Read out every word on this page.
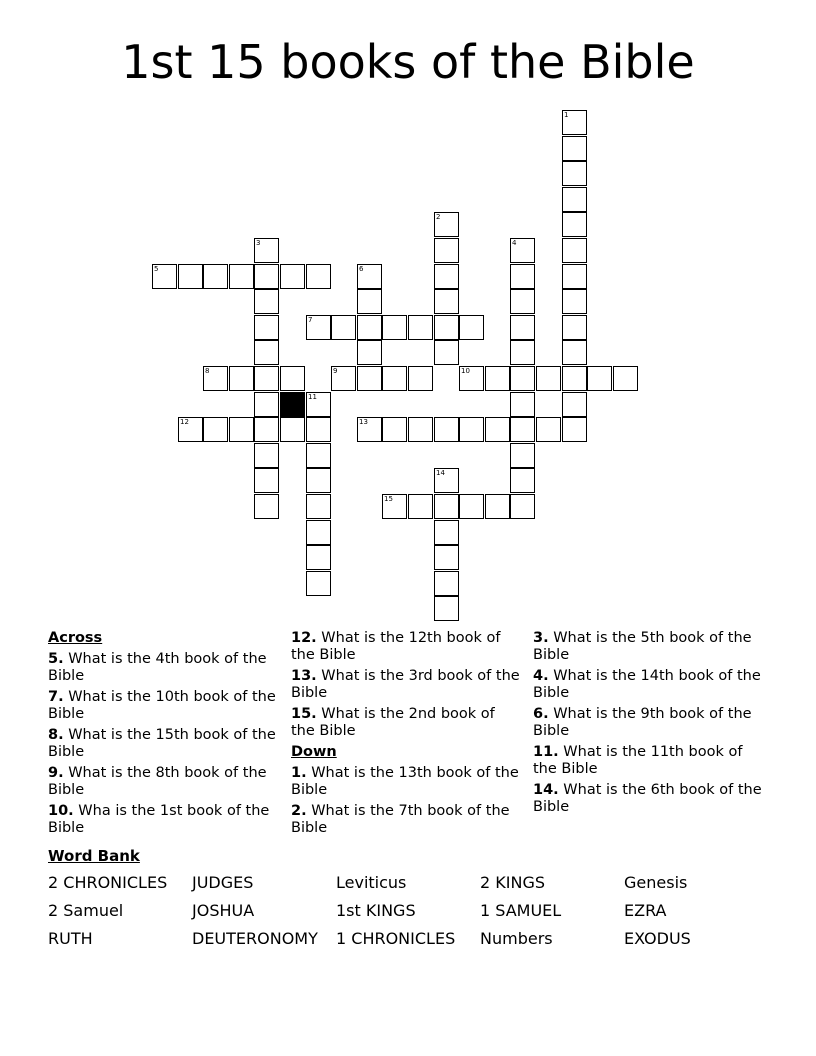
1st 15 books of the Bible
5
7
8	9	10
12	13
15
1
2
3	4
6
11
14
Across
5. What is the 4th book of the Bible
7. What is the 10th book of the Bible
8. What is the 15th book of the Bible
9. What is the 8th book of the Bible
10. Wha is the 1st book of the Bible
12. What is the 12th book of the Bible
13. What is the 3rd book of the Bible
15. What is the 2nd book of the Bible
Down
1. What is the 13th book of the Bible
2. What is the 7th book of the Bible
3. What is the 5th book of the Bible
4. What is the 14th book of the Bible
6. What is the 9th book of the Bible
11. What is the 11th book of the Bible
14. What is the 6th book of the Bible
Word Bank
2 CHRONICLES	JUDGES	Leviticus	2 KINGS	Genesis
2 Samuel	JOSHUA	1st KINGS	1 SAMUEL	EZRA
RUTH	DEUTERONOMY	1 CHRONICLES	Numbers	EXODUS
